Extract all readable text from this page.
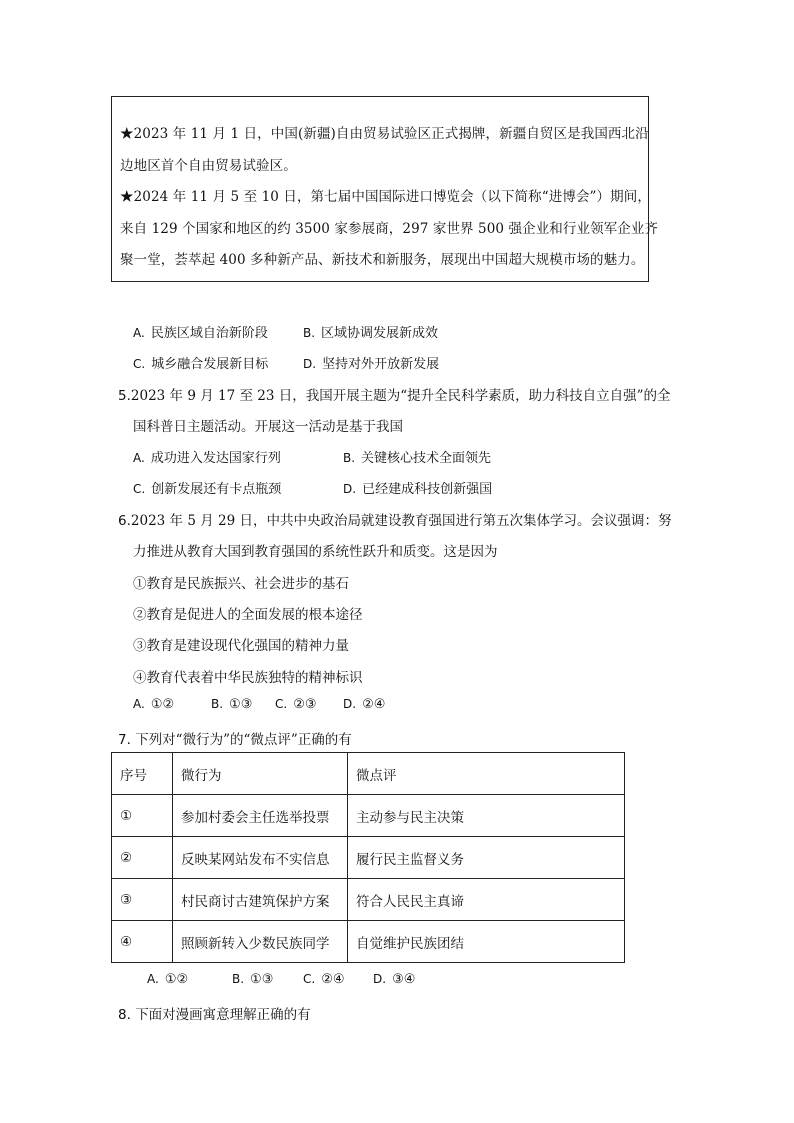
★2023 年 11 月 1 日，中国(新疆)自由贸易试验区正式揭牌，新疆自贸区是我国西北沿
边地区首个自由贸易试验区。
★2024 年 11 月 5 至 10 日，第七届中国国际进口博览会（以下简称“进博会”）期间，
来自 129 个国家和地区的约 3500 家参展商，297 家世界 500 强企业和行业领军企业齐
聚一堂，荟萃起 400 多种新产品、新技术和新服务，展现出中国超大规模市场的魅力。
A. 民族区域自治新阶段	B. 区域协调发展新成效
C. 城乡融合发展新目标	D. 坚持对外开放新发展
5.2023 年 9 月 17 至 23 日，我国开展主题为“提升全民科学素质，助力科技自立自强”的全
国科普日主题活动。开展这一活动是基于我国
A. 成功进入发达国家行列	B. 关键核心技术全面领先
C. 创新发展还有卡点瓶颈	D. 已经建成科技创新强国
6.2023 年 5 月 29 日，中共中央政治局就建设教育强国进行第五次集体学习。会议强调：努
力推进从教育大国到教育强国的系统性跃升和质变。这是因为
①教育是民族振兴、社会进步的基石
②教育是促进人的全面发展的根本途径
③教育是建设现代化强国的精神力量
④教育代表着中华民族独特的精神标识
A. ①②	B. ①③ C. ②③ D. ②④
7. 下列对“微行为”的“微点评”正确的有
序号	微行为	微点评
①	参加村委会主任选举投票	主动参与民主决策
②	反映某网站发布不实信息	履行民主监督义务
③	村民商讨古建筑保护方案	符合人民民主真谛
④	照顾新转入少数民族同学	自觉维护民族团结
A. ①②	B. ①③ C. ②④ D. ③④
8. 下面对漫画寓意理解正确的有
